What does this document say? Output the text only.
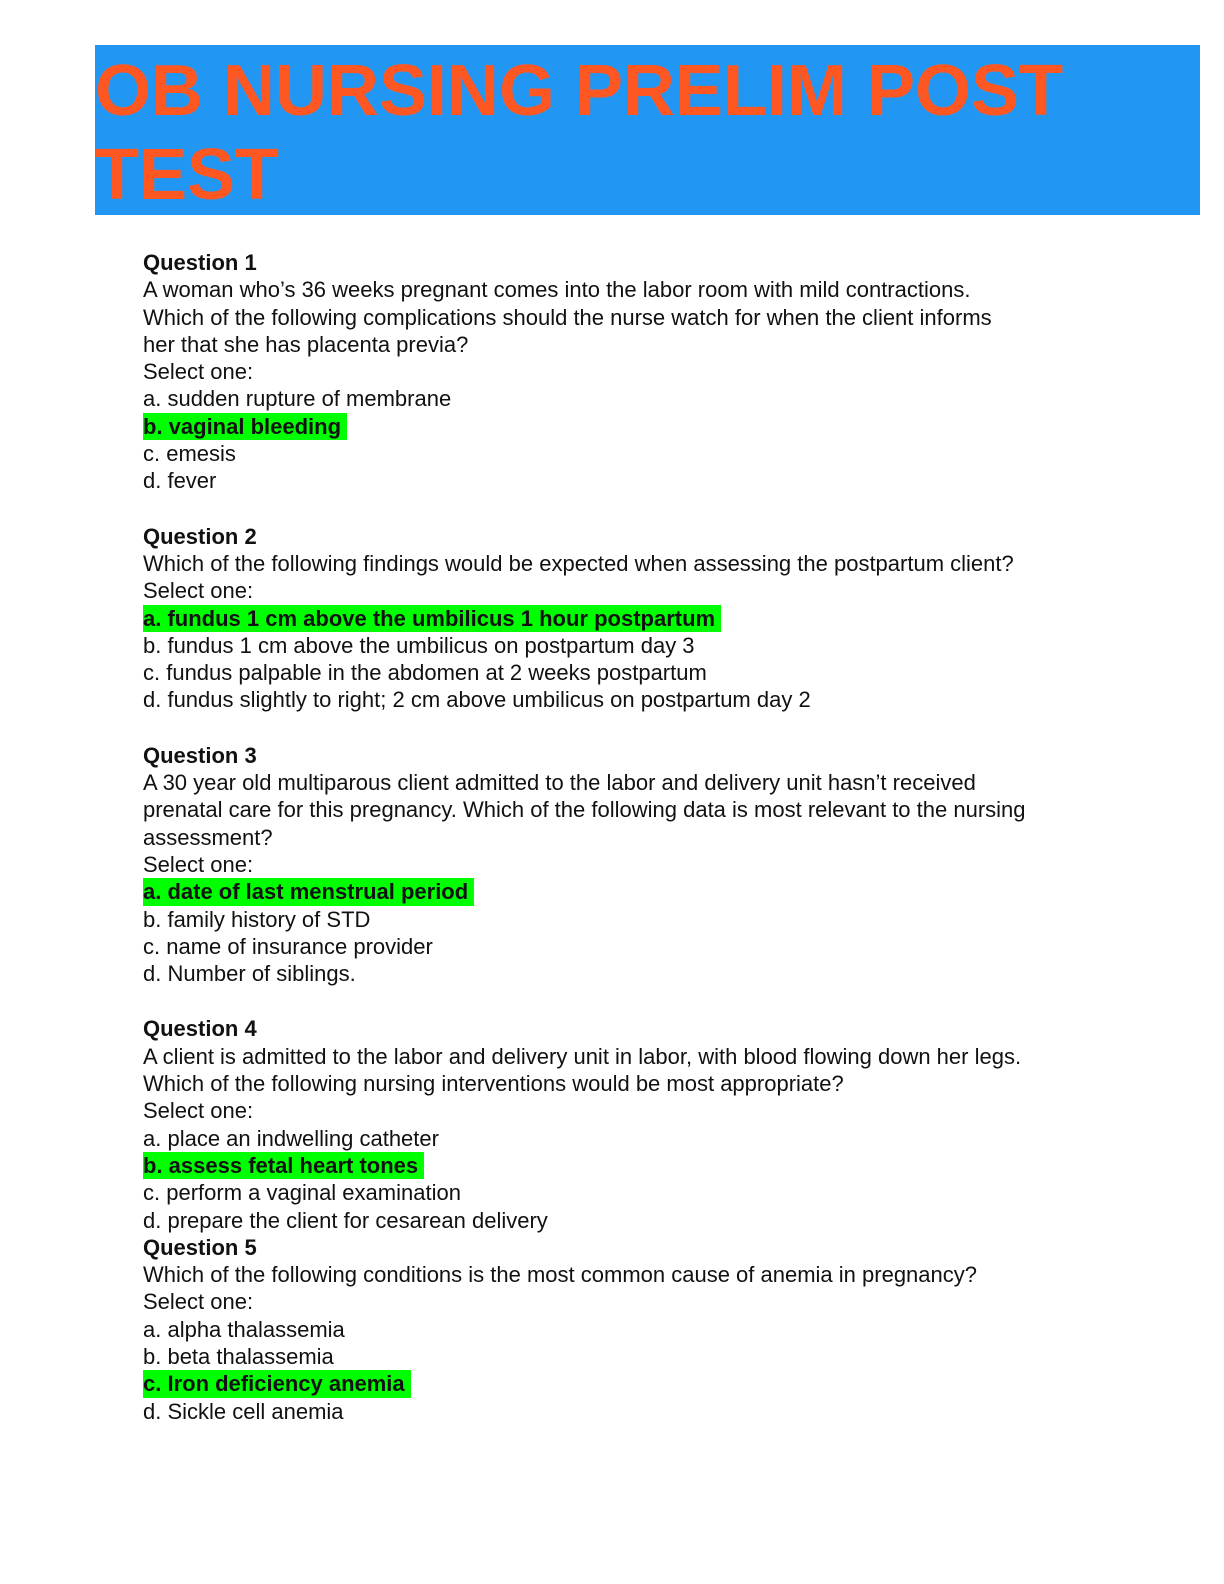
OB NURSING PRELIM POST
TEST
Question 1
A woman who’s 36 weeks pregnant comes into the labor room with mild contractions.
Which of the following complications should the nurse watch for when the client informs
her that she has placenta previa?
Select one:
a. sudden rupture of membrane
b. vaginal bleeding
c. emesis
d. fever
Question 2
Which of the following findings would be expected when assessing the postpartum client?
Select one:
a. fundus 1 cm above the umbilicus 1 hour postpartum
b. fundus 1 cm above the umbilicus on postpartum day 3
c. fundus palpable in the abdomen at 2 weeks postpartum
d. fundus slightly to right; 2 cm above umbilicus on postpartum day 2
Question 3
A 30 year old multiparous client admitted to the labor and delivery unit hasn’t received
prenatal care for this pregnancy. Which of the following data is most relevant to the nursing
assessment?
Select one:
a. date of last menstrual period
b. family history of STD
c. name of insurance provider
d. Number of siblings.
Question 4
A client is admitted to the labor and delivery unit in labor, with blood flowing down her legs.
Which of the following nursing interventions would be most appropriate?
Select one:
a. place an indwelling catheter
b. assess fetal heart tones
c. perform a vaginal examination
d. prepare the client for cesarean delivery
Question 5
Which of the following conditions is the most common cause of anemia in pregnancy?
Select one:
a. alpha thalassemia
b. beta thalassemia
c. Iron deficiency anemia
d. Sickle cell anemia
